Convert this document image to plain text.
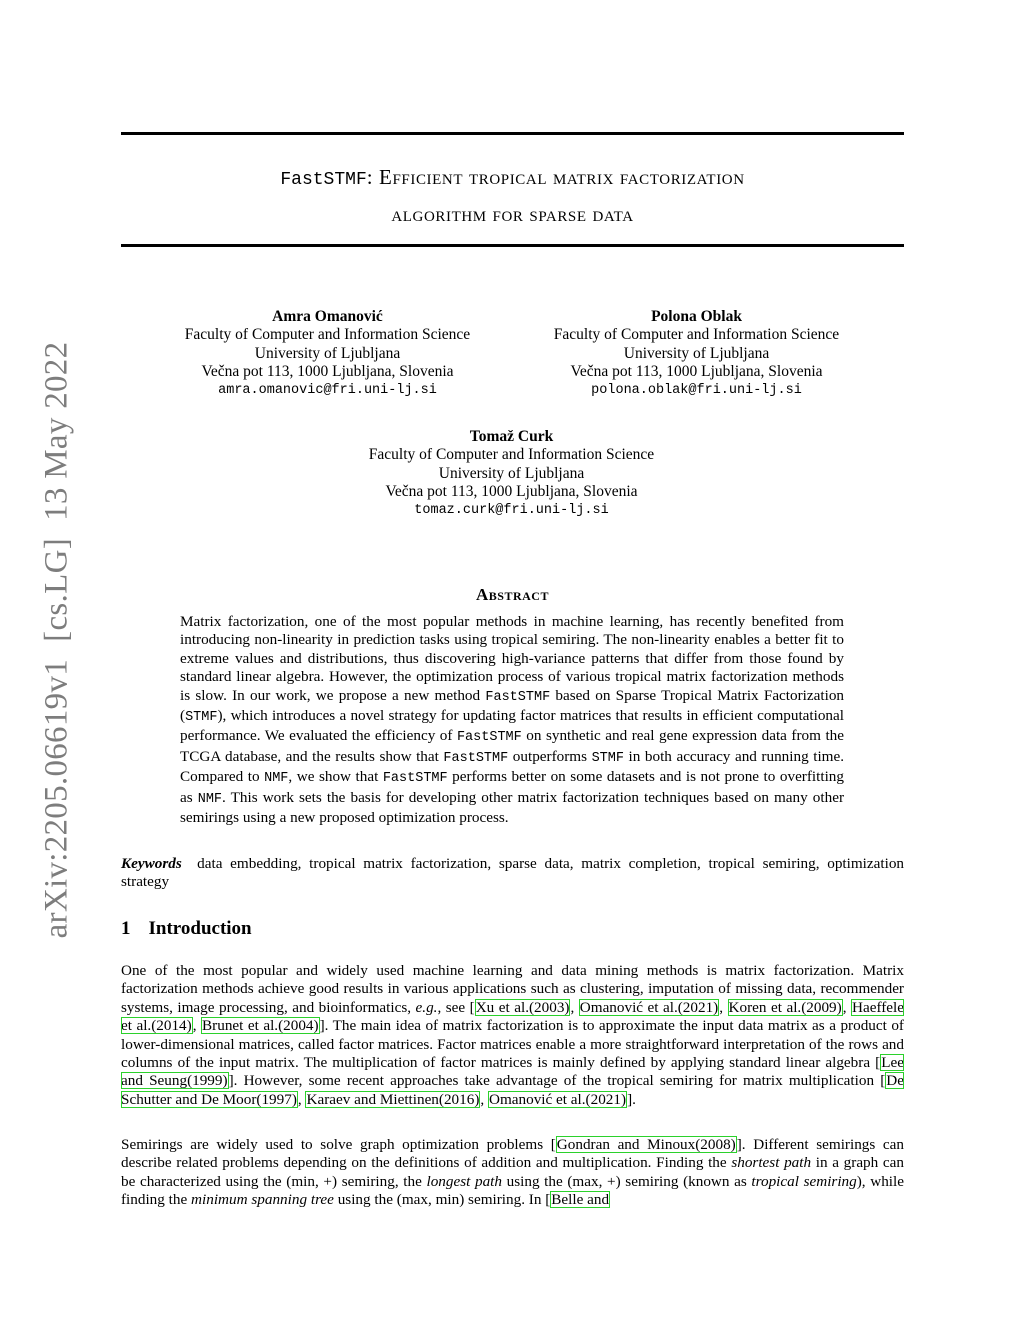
arXiv:2205.06619v1  [cs.LG]  13 May 2022
FastSTMF: Efficient tropical matrix factorization
algorithm for sparse data
Amra Omanović
Faculty of Computer and Information Science
University of Ljubljana
Večna pot 113, 1000 Ljubljana, Slovenia
amra.omanovic@fri.uni-lj.si
Polona Oblak
Faculty of Computer and Information Science
University of Ljubljana
Večna pot 113, 1000 Ljubljana, Slovenia
polona.oblak@fri.uni-lj.si
Tomaž Curk
Faculty of Computer and Information Science
University of Ljubljana
Večna pot 113, 1000 Ljubljana, Slovenia
tomaz.curk@fri.uni-lj.si
Abstract

Matrix factorization, one of the most popular methods in machine learning, has recently benefited from introducing non-linearity in prediction tasks using tropical semiring. The non-linearity enables a better fit to extreme values and distributions, thus discovering high-variance patterns that differ from those found by standard linear algebra. However, the optimization process of various tropical matrix factorization methods is slow. In our work, we propose a new method FastSTMF based on Sparse Tropical Matrix Factorization (STMF), which introduces a novel strategy for updating factor matrices that results in efficient computational performance. We evaluated the efficiency of FastSTMF on synthetic and real gene expression data from the TCGA database, and the results show that FastSTMF outperforms STMF in both accuracy and running time. Compared to NMF, we show that FastSTMF performs better on some datasets and is not prone to overfitting as NMF. This work sets the basis for developing other matrix factorization techniques based on many other semirings using a new proposed optimization process.

Keywords data embedding, tropical matrix factorization, sparse data, matrix completion, tropical semiring, optimization strategy

1 Introduction

One of the most popular and widely used machine learning and data mining methods is matrix factorization. Matrix factorization methods achieve good results in various applications such as clustering, imputation of missing data, recommender systems, image processing, and bioinformatics, e.g., see [Xu et al.(2003), Omanović et al.(2021), Koren et al.(2009), Haeffele et al.(2014), Brunet et al.(2004)]. The main idea of matrix factorization is to approximate the input data matrix as a product of lower-dimensional matrices, called factor matrices. Factor matrices enable a more straightforward interpretation of the rows and columns of the input matrix. The multiplication of factor matrices is mainly defined by applying standard linear algebra [Lee and Seung(1999)]. However, some recent approaches take advantage of the tropical semiring for matrix multiplication [De Schutter and De Moor(1997), Karaev and Miettinen(2016), Omanović et al.(2021)].

Semirings are widely used to solve graph optimization problems [Gondran and Minoux(2008)]. Different semirings can describe related problems depending on the definitions of addition and multiplication. Finding the shortest path in a graph can be characterized using the (min, +) semiring, the longest path using the (max, +) semiring (known as tropical semiring), while finding the minimum spanning tree using the (max, min) semiring. In [Belle and
